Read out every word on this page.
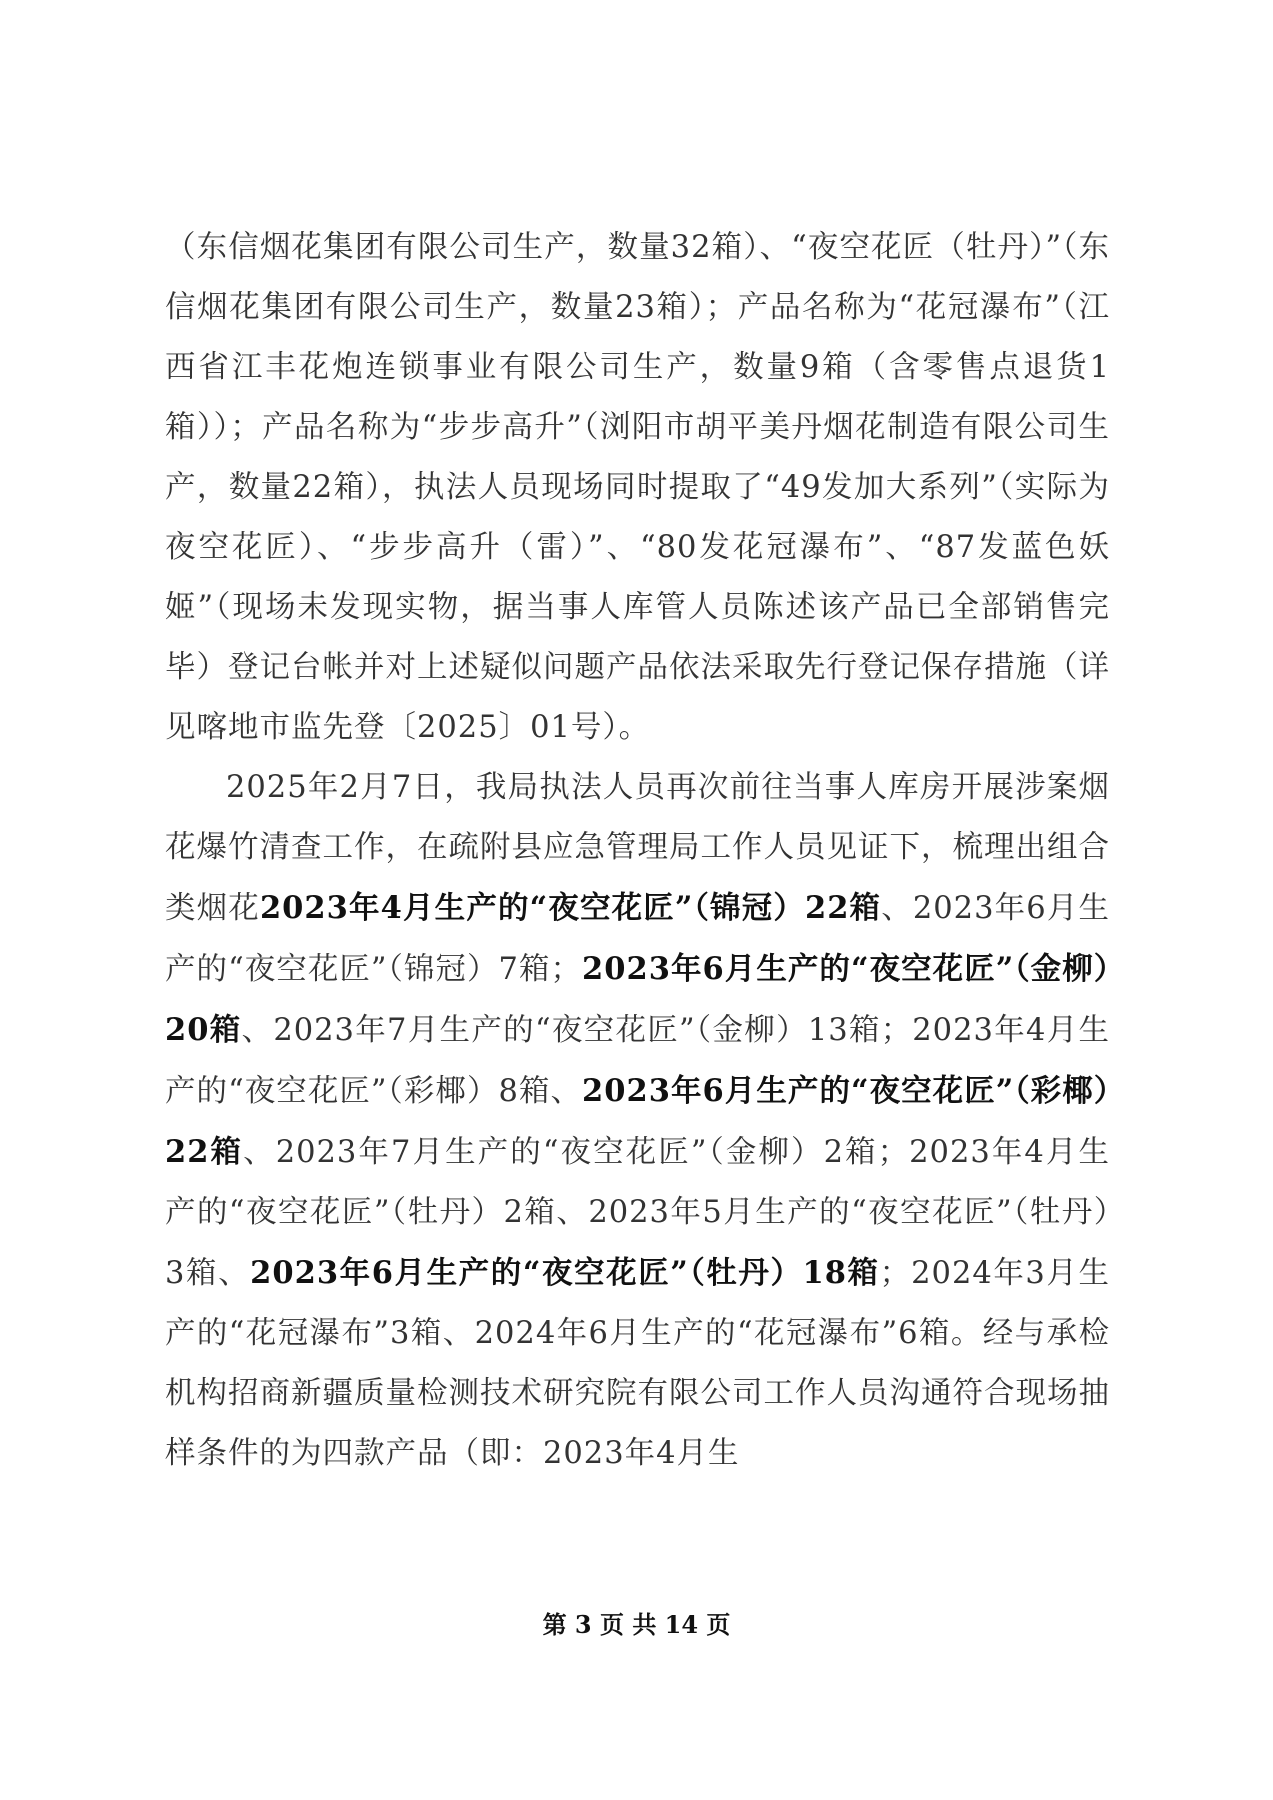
（东信烟花集团有限公司生产，数量32箱）、“夜空花匠（牡丹）”（东信烟花集团有限公司生产，数量23箱）；产品名称为“花冠瀑布”（江西省江丰花炮连锁事业有限公司生产，数量9箱（含零售点退货1箱））；产品名称为“步步高升”（浏阳市胡平美丹烟花制造有限公司生产，数量22箱），执法人员现场同时提取了“49发加大系列”（实际为夜空花匠）、“步步高升（雷）”、“80发花冠瀑布”、“87发蓝色妖姬”（现场未发现实物，据当事人库管人员陈述该产品已全部销售完毕）登记台帐并对上述疑似问题产品依法采取先行登记保存措施（详见喀地市监先登〔2025〕01号）。

2025年2月7日，我局执法人员再次前往当事人库房开展涉案烟花爆竹清查工作，在疏附县应急管理局工作人员见证下，梳理出组合类烟花2023年4月生产的“夜空花匠”（锦冠）22箱、2023年6月生产的“夜空花匠”（锦冠）7箱；2023年6月生产的“夜空花匠”（金柳）20箱、2023年7月生产的“夜空花匠”（金柳）13箱；2023年4月生产的“夜空花匠”（彩椰）8箱、2023年6月生产的“夜空花匠”（彩椰）22箱、2023年7月生产的“夜空花匠”（金柳）2箱；2023年4月生产的“夜空花匠”（牡丹）2箱、2023年5月生产的“夜空花匠”（牡丹）3箱、2023年6月生产的“夜空花匠”（牡丹）18箱；2024年3月生产的“花冠瀑布”3箱、2024年6月生产的“花冠瀑布”6箱。经与承检机构招商新疆质量检测技术研究院有限公司工作人员沟通符合现场抽样条件的为四款产品（即：2023年4月生

第 3 页 共 14 页
